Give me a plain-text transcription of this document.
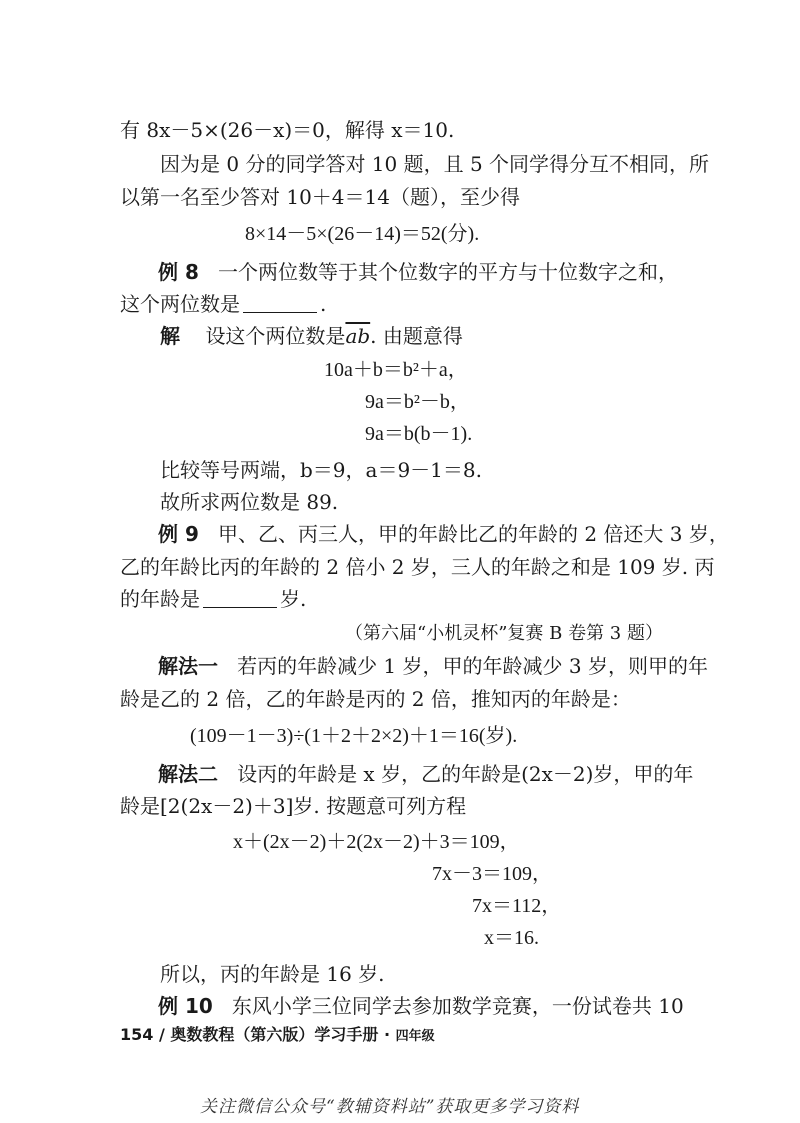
有 8x－5×(26－x)＝0，解得 x＝10.
因为是 0 分的同学答对 10 题，且 5 个同学得分互不相同，所
以第一名至少答对 10＋4＝14（题），至少得
8×14－5×(26－14)＝52(分).
例 8 一个两位数等于其个位数字的平方与十位数字之和，
这个两位数是	.
解 设这个两位数是$\overline{ab}$. 由题意得
10a＋b＝b²＋a，
9a＝b²－b，
9a＝b(b－1).
比较等号两端，b＝9，a＝9－1＝8.
故所求两位数是 89.
例 9 甲、乙、丙三人，甲的年龄比乙的年龄的 2 倍还大 3 岁，
乙的年龄比丙的年龄的 2 倍小 2 岁，三人的年龄之和是 109 岁. 丙
的年龄是	岁.
（第六届“小机灵杯”复赛 B 卷第 3 题）
解法一 若丙的年龄减少 1 岁，甲的年龄减少 3 岁，则甲的年
龄是乙的 2 倍，乙的年龄是丙的 2 倍，推知丙的年龄是：
(109－1－3)÷(1＋2＋2×2)＋1＝16(岁).
解法二 设丙的年龄是 x 岁，乙的年龄是(2x－2)岁，甲的年
龄是[2(2x－2)＋3]岁. 按题意可列方程
x＋(2x－2)＋2(2x－2)＋3＝109，
7x－3＝109，
7x＝112，
x＝16.
所以，丙的年龄是 16 岁.
例 10 东风小学三位同学去参加数学竞赛，一份试卷共 10
154 / 奥数教程（第六版）学习手册 · 四年级
关注微信公众号“教辅资料站”获取更多学习资料
